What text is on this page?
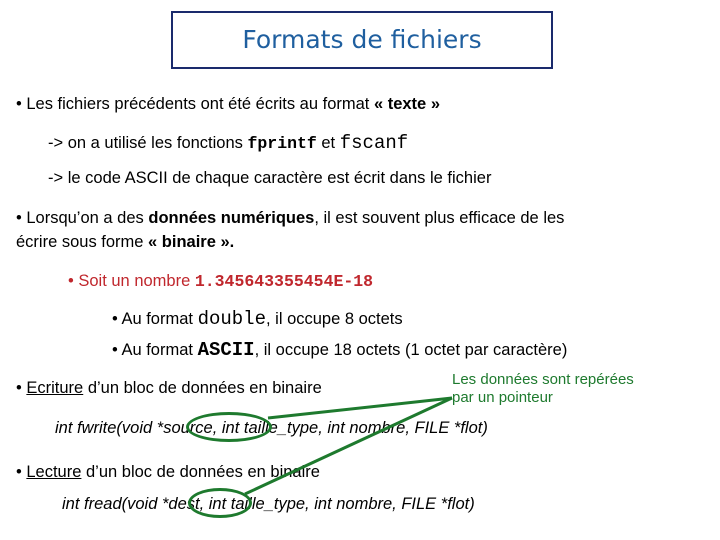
Formats de fichiers
• Les fichiers précédents ont été écrits au format « texte »
-> on a utilisé les fonctions fprintf et fscanf
-> le code ASCII de chaque caractère est écrit dans le fichier
• Lorsqu’on a des données numériques, il est souvent plus efficace de les
écrire sous forme « binaire ».
• Soit un nombre 1.345643355454E-18
• Au format double, il occupe 8 octets
• Au format ASCII, il occupe 18 octets (1 octet par caractère)
• Ecriture d’un bloc de données en binaire	Les données sont repérées
par un pointeur
int fwrite(void *source, int taille_type, int nombre, FILE *flot)
• Lecture d’un bloc de données en binaire
int fread(void *dest, int taille_type, int nombre, FILE *flot)
